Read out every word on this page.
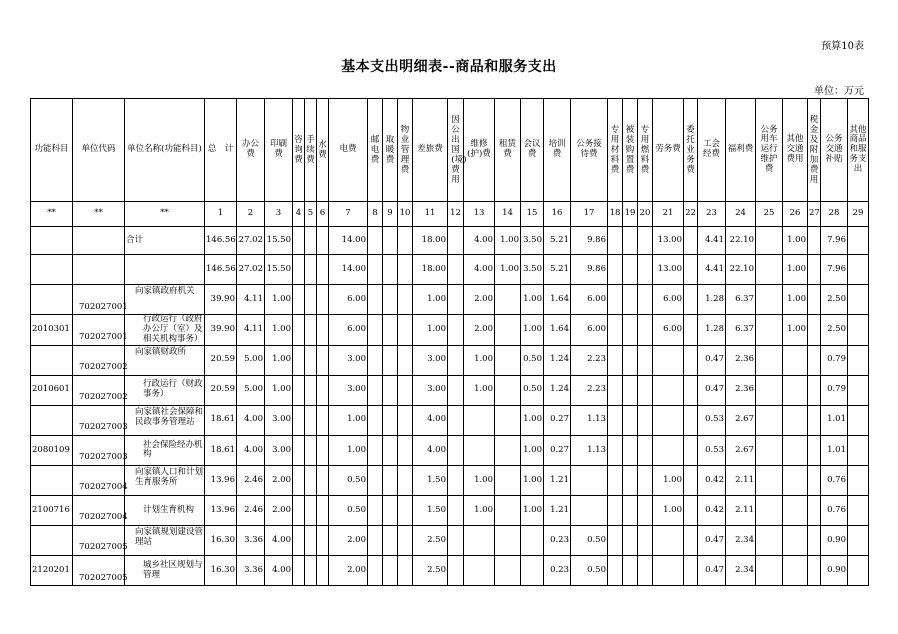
预算10表
基本支出明细表--商品和服务支出
单位：万元
功能科目	单位代码	单位名称(功能科目)	总　计	办公费	印刷费	咨询费	手续费	水费	电费	邮电费	取暖费	物业管理费	差旅费	因公出国(境)费用	维修(护)费	租赁费	会议费	培训费	公务接待费	专用材料费	被装购置费	专用燃料费	劳务费	委托业务费	工会经费	福利费	公务用车运行维护费	其他交通费用	税金及附加费用	公务交通补贴	其他商品和服务支出
**	**	**	1	2	3	4	5	6	7	8	9	10	11	12	13	14	15	16	17	18	19	20	21	22	23	24	25	26	27	28	29
		合计	146.56	27.02	15.50				14.00				18.00		4.00	1.00	3.50	5.21	9.86				13.00		4.41	22.10		1.00		7.96	
			146.56	27.02	15.50				14.00				18.00		4.00	1.00	3.50	5.21	9.86				13.00		4.41	22.10		1.00		7.96	
	702027001	向家镇政府机关	39.90	4.11	1.00				6.00				1.00		2.00		1.00	1.64	6.00				6.00		1.28	6.37		1.00		2.50	
2010301	702027001	行政运行（政府办公厅（室）及相关机构事务）	39.90	4.11	1.00				6.00				1.00		2.00		1.00	1.64	6.00				6.00		1.28	6.37		1.00		2.50	
	702027002	向家镇财政所	20.59	5.00	1.00				3.00				3.00		1.00		0.50	1.24	2.23						0.47	2.36				0.79	
2010601	702027002	行政运行（财政事务）	20.59	5.00	1.00				3.00				3.00		1.00		0.50	1.24	2.23						0.47	2.36				0.79	
	702027003	向家镇社会保障和民政事务管理站	18.61	4.00	3.00				1.00				4.00				1.00	0.27	1.13						0.53	2.67				1.01	
2080109	702027003	社会保险经办机构	18.61	4.00	3.00				1.00				4.00				1.00	0.27	1.13						0.53	2.67				1.01	
	702027004	向家镇人口和计划生育服务所	13.96	2.46	2.00				0.50				1.50		1.00		1.00	1.21					1.00		0.42	2.11				0.76	
2100716	702027004	计划生育机构	13.96	2.46	2.00				0.50				1.50		1.00		1.00	1.21					1.00		0.42	2.11				0.76	
	702027005	向家镇规划建设管理站	16.30	3.36	4.00				2.00				2.50					0.23	0.50						0.47	2.34				0.90	
2120201	702027005	城乡社区规划与管理	16.30	3.36	4.00				2.00				2.50					0.23	0.50						0.47	2.34				0.90	
